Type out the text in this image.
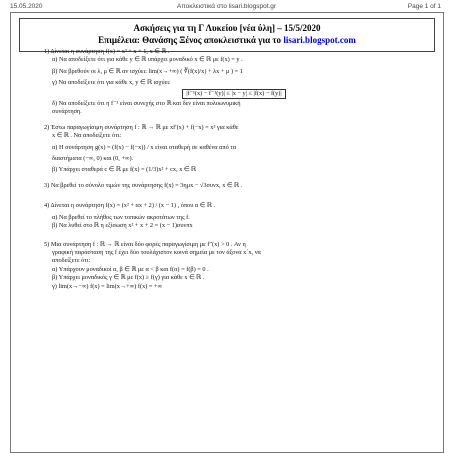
15.05.2020	Αποκλειστικά στο lisari.blogspot.gr	Page 1 of 1
Ασκήσεις για τη Γ Λυκείου [νέα ύλη] – 15/5/2020
Επιμέλεια: Θανάσης Ξένος αποκλειστικά για το lisari.blogspot.com
1) Δίνεται η συνάρτηση f(x) = x³ + x + 1, x ∈ ℝ .
α) Να αποδείξετε ότι για κάθε y ∈ ℝ υπάρχει μοναδικό x ∈ ℝ με f(x) = y .
β) Να βρεθούν οι λ, μ ∈ ℝ αν ισχύει: lim(x→+∞) ( ∛(f(x)/x) + λx + μ ) = 1
γ) Να αποδείξετε ότι για κάθε x, y ∈ ℝ ισχύει:
|f⁻¹(x) − f⁻¹(y)| ≤ |x − y| ≤ |f(x) − f(y)|
δ) Να αποδείξετε ότι η f⁻¹ είναι συνεχής στο ℝ και δεν είναι πολυωνυμική
συνάρτηση.
2) Έστω παραγωγίσιμη συνάρτηση f : ℝ → ℝ με xf′(x) + f(−x) = x³ για κάθε
x ∈ ℝ . Να αποδείξετε ότι:
α) Η συνάρτηση g(x) = (f(x) − f(−x)) / x είναι σταθερή σε καθένα από τα
διαστήματα (−∞, 0) και (0, +∞).
β) Υπάρχει σταθερά c ∈ ℝ με f(x) = (1/3)x² + cx, x ∈ ℝ
3) Να βρεθεί το σύνολο τιμών της συνάρτησης f(x) = 3ημx − √3συνx, x ∈ ℝ .
4) Δίνεται η συνάρτηση f(x) = (x² + αx + 2) / (x − 1) , όπου α ∈ ℝ .
α) Να βρεθεί το πλήθος των τοπικών ακροτάτων της f.
β) Να λυθεί στο ℝ η εξίσωση x² + x + 2 = (x − 1)συνπx
5) Μια συνάρτηση f : ℝ → ℝ είναι δύο φορές παραγωγίσιμη με f″(x) > 0 . Αν η
γραφική παράσταση της f έχει δύο τουλάχιστον κοινά σημεία με τον άξονα x΄x, να
αποδείξετε ότι:
α) Υπάρχουν μοναδικοί α, β ∈ ℝ με α < β και f(α) = f(β) = 0 .
β) Υπάρχει μοναδικός γ ∈ ℝ με f(x) ≥ f(γ) για κάθε x ∈ ℝ .
γ) lim(x→−∞) f(x) = lim(x→+∞) f(x) = +∞
